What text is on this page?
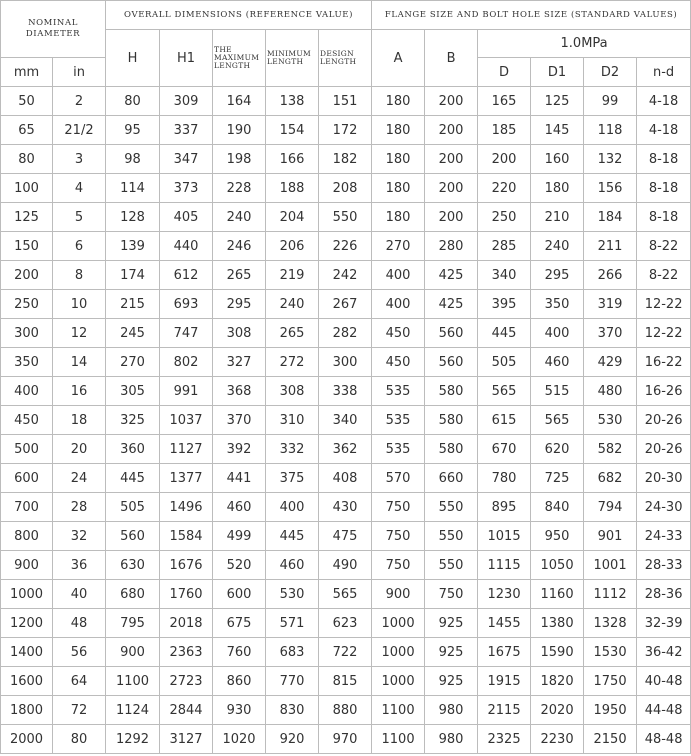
NOMINAL DIAMETER		OVERALL DIMENSIONS (REFERENCE VALUE)					FLANGE SIZE AND BOLT HOLE SIZE (STANDARD VALUES)					
		H	H1	THE MAXIMUM LENGTH	MINIMUM LENGTH	DESIGN LENGTH	A	B	1.0MPa			
mm	in								D	D1	D2	n-d
50	2	80	309	164	138	151	180	200	165	125	99	4-18
65	21/2	95	337	190	154	172	180	200	185	145	118	4-18
80	3	98	347	198	166	182	180	200	200	160	132	8-18
100	4	114	373	228	188	208	180	200	220	180	156	8-18
125	5	128	405	240	204	550	180	200	250	210	184	8-18
150	6	139	440	246	206	226	270	280	285	240	211	8-22
200	8	174	612	265	219	242	400	425	340	295	266	8-22
250	10	215	693	295	240	267	400	425	395	350	319	12-22
300	12	245	747	308	265	282	450	560	445	400	370	12-22
350	14	270	802	327	272	300	450	560	505	460	429	16-22
400	16	305	991	368	308	338	535	580	565	515	480	16-26
450	18	325	1037	370	310	340	535	580	615	565	530	20-26
500	20	360	1127	392	332	362	535	580	670	620	582	20-26
600	24	445	1377	441	375	408	570	660	780	725	682	20-30
700	28	505	1496	460	400	430	750	550	895	840	794	24-30
800	32	560	1584	499	445	475	750	550	1015	950	901	24-33
900	36	630	1676	520	460	490	750	550	1115	1050	1001	28-33
1000	40	680	1760	600	530	565	900	750	1230	1160	1112	28-36
1200	48	795	2018	675	571	623	1000	925	1455	1380	1328	32-39
1400	56	900	2363	760	683	722	1000	925	1675	1590	1530	36-42
1600	64	1100	2723	860	770	815	1000	925	1915	1820	1750	40-48
1800	72	1124	2844	930	830	880	1100	980	2115	2020	1950	44-48
2000	80	1292	3127	1020	920	970	1100	980	2325	2230	2150	48-48
